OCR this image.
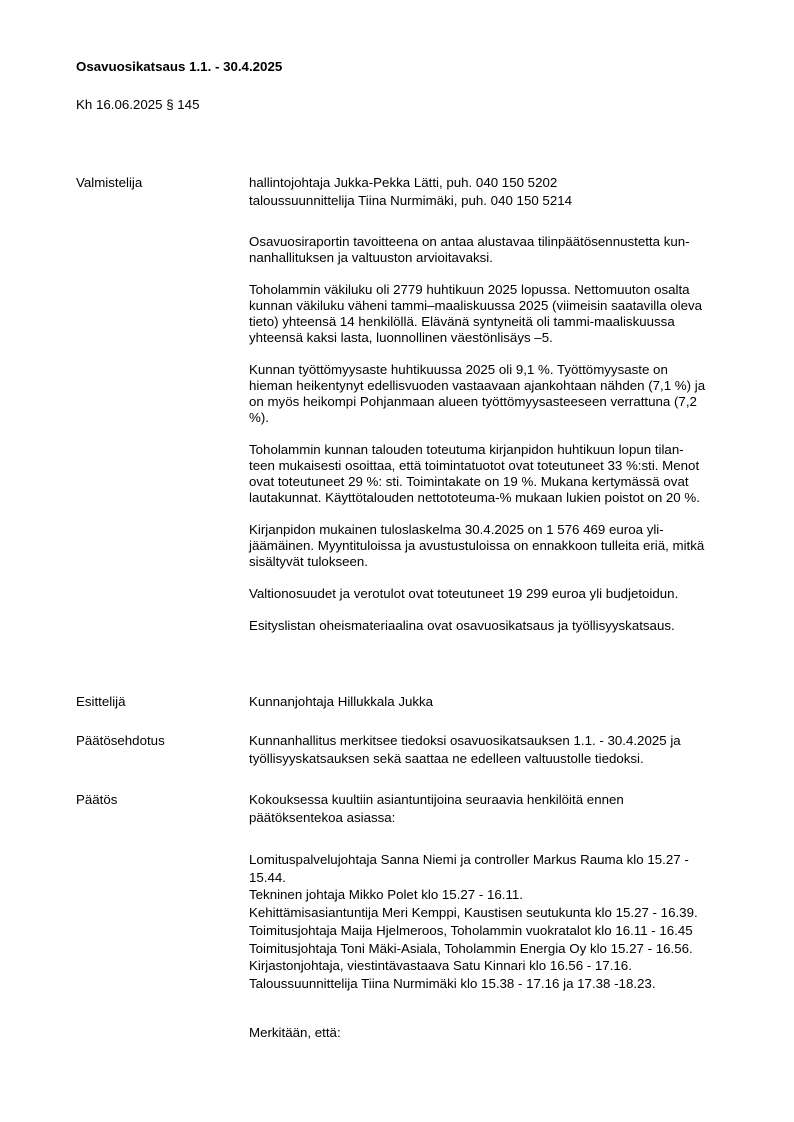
Osavuosikatsaus 1.1. - 30.4.2025
Kh 16.06.2025 § 145
Valmistelija	hallintojohtaja Jukka-Pekka Lätti, puh. 040 150 5202
taloussuunnittelija Tiina Nurmimäki, puh. 040 150 5214

Osavuosiraportin tavoitteena on antaa alustavaa tilinpäätösennustetta kun-
nanhallituksen ja valtuuston arvioitavaksi.

Toholammin väkiluku oli 2779 huhtikuun 2025 lopussa. Nettomuuton osalta
kunnan väkiluku väheni tammi–maaliskuussa 2025 (viimeisin saatavilla oleva
tieto) yhteensä 14 henkilöllä. Elävänä syntyneitä oli tammi-maaliskuussa
yhteensä kaksi lasta, luonnollinen väestönlisäys –5.

Kunnan työttömyysaste huhtikuussa 2025 oli 9,1 %. Työttömyysaste on
hieman heikentynyt edellisvuoden vastaavaan ajankohtaan nähden (7,1 %) ja
on myös heikompi Pohjanmaan alueen työttömyysasteeseen verrattuna (7,2
%).

Toholammin kunnan talouden toteutuma kirjanpidon huhtikuun lopun tilan-
teen mukaisesti osoittaa, että toimintatuotot ovat toteutuneet 33 %:sti. Menot
ovat toteutuneet 29 %: sti. Toimintakate on 19 %. Mukana kertymässä ovat
lautakunnat. Käyttötalouden nettototeuma-% mukaan lukien poistot on 20 %.

Kirjanpidon mukainen tuloslaskelma 30.4.2025 on 1 576 469 euroa yli-
jäämäinen. Myyntituloissa ja avustustuloissa on ennakkoon tulleita eriä, mitkä
sisältyvät tulokseen.

Valtionosuudet ja verotulot ovat toteutuneet 19 299 euroa yli budjetoidun.

Esityslistan oheismateriaalina ovat osavuosikatsaus ja työllisyyskatsaus.

Esittelijä	Kunnanjohtaja Hillukkala Jukka
Päätösehdotus	Kunnanhallitus merkitsee tiedoksi osavuosikatsauksen 1.1. - 30.4.2025 ja
työllisyyskatsauksen sekä saattaa ne edelleen valtuustolle tiedoksi.
Päätös	Kokouksessa kuultiin asiantuntijoina seuraavia henkilöitä ennen
päätöksentekoa asiassa:
Lomituspalvelujohtaja Sanna Niemi ja controller Markus Rauma klo 15.27 -
15.44.
Tekninen johtaja Mikko Polet klo 15.27 - 16.11.
Kehittämisasiantuntija Meri Kemppi, Kaustisen seutukunta klo 15.27 - 16.39.
Toimitusjohtaja Maija Hjelmeroos, Toholammin vuokratalot klo 16.11 - 16.45
Toimitusjohtaja Toni Mäki-Asiala, Toholammin Energia Oy klo 15.27 - 16.56.
Kirjastonjohtaja, viestintävastaava Satu Kinnari klo 16.56 - 17.16.
Taloussuunnittelija Tiina Nurmimäki klo 15.38 - 17.16 ja 17.38 -18.23.
Merkitään, että:
